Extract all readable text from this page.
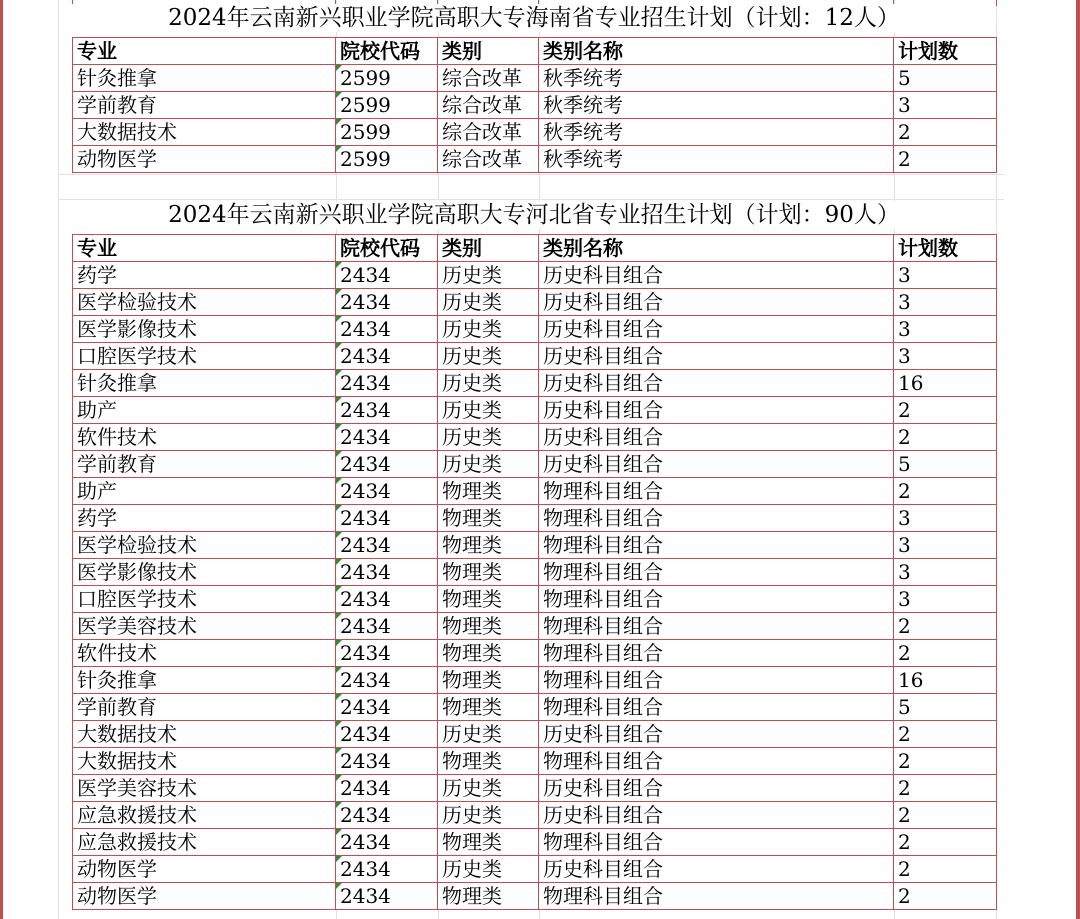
2024年云南新兴职业学院高职大专海南省专业招生计划（计划：12人）
专业	院校代码	类别	类别名称	计划数
针灸推拿	2599	综合改革	秋季统考	5
学前教育	2599	综合改革	秋季统考	3
大数据技术	2599	综合改革	秋季统考	2
动物医学	2599	综合改革	秋季统考	2
2024年云南新兴职业学院高职大专河北省专业招生计划（计划：90人）
专业	院校代码	类别	类别名称	计划数
药学	2434	历史类	历史科目组合	3
医学检验技术	2434	历史类	历史科目组合	3
医学影像技术	2434	历史类	历史科目组合	3
口腔医学技术	2434	历史类	历史科目组合	3
针灸推拿	2434	历史类	历史科目组合	16
助产	2434	历史类	历史科目组合	2
软件技术	2434	历史类	历史科目组合	2
学前教育	2434	历史类	历史科目组合	5
助产	2434	物理类	物理科目组合	2
药学	2434	物理类	物理科目组合	3
医学检验技术	2434	物理类	物理科目组合	3
医学影像技术	2434	物理类	物理科目组合	3
口腔医学技术	2434	物理类	物理科目组合	3
医学美容技术	2434	物理类	物理科目组合	2
软件技术	2434	物理类	物理科目组合	2
针灸推拿	2434	物理类	物理科目组合	16
学前教育	2434	物理类	物理科目组合	5
大数据技术	2434	历史类	历史科目组合	2
大数据技术	2434	物理类	物理科目组合	2
医学美容技术	2434	历史类	历史科目组合	2
应急救援技术	2434	历史类	历史科目组合	2
应急救援技术	2434	物理类	物理科目组合	2
动物医学	2434	历史类	历史科目组合	2
动物医学	2434	物理类	物理科目组合	2
